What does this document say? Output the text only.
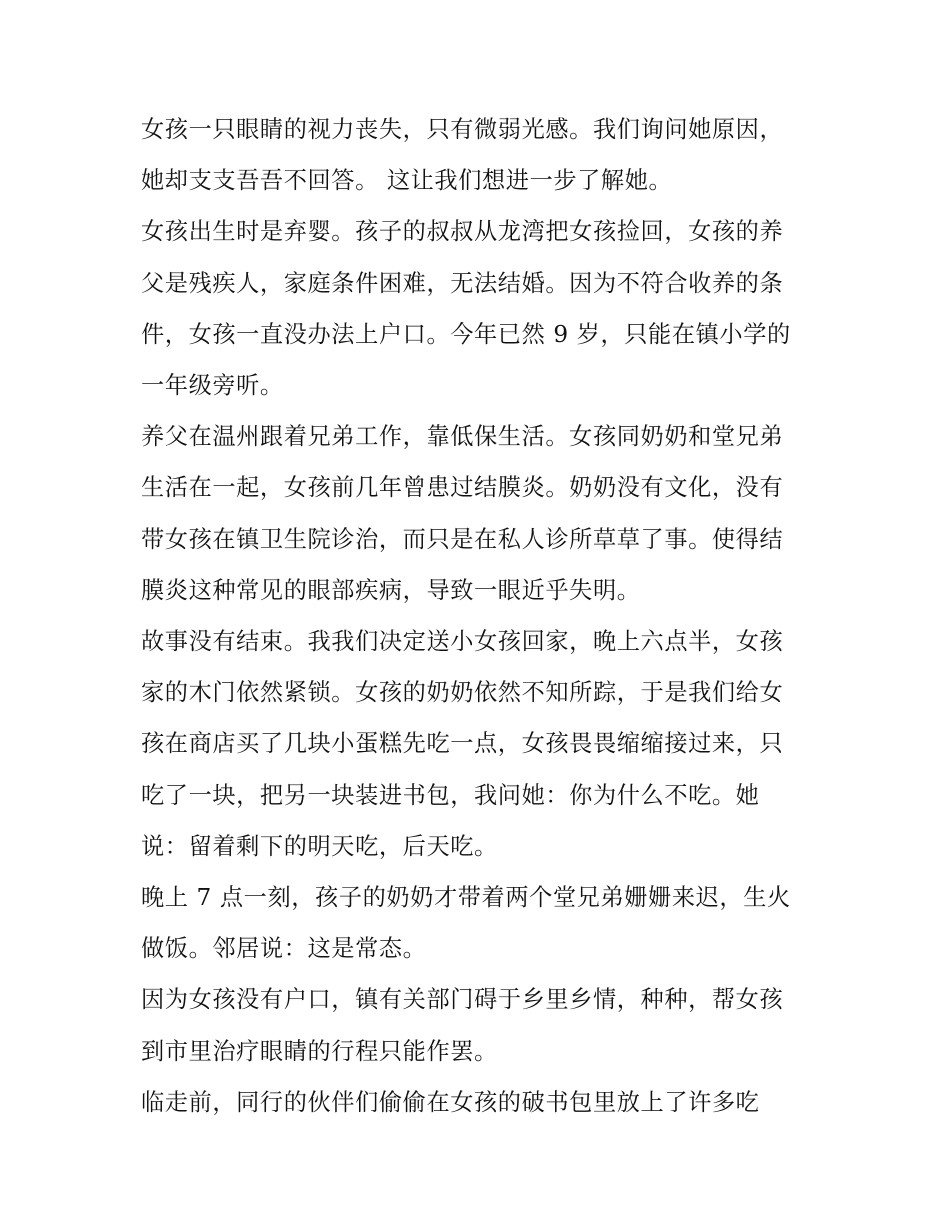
女孩一只眼睛的视力丧失，只有微弱光感。我们询问她原因，
她却支支吾吾不回答。 这让我们想进一步了解她。

女孩出生时是弃婴。孩子的叔叔从龙湾把女孩捡回，女孩的养
父是残疾人，家庭条件困难，无法结婚。因为不符合收养的条
件，女孩一直没办法上户口。今年已然 9 岁，只能在镇小学的
一年级旁听。

养父在温州跟着兄弟工作，靠低保生活。女孩同奶奶和堂兄弟
生活在一起，女孩前几年曾患过结膜炎。奶奶没有文化，没有
带女孩在镇卫生院诊治，而只是在私人诊所草草了事。使得结
膜炎这种常见的眼部疾病，导致一眼近乎失明。

故事没有结束。我我们决定送小女孩回家，晚上六点半，女孩
家的木门依然紧锁。女孩的奶奶依然不知所踪，于是我们给女
孩在商店买了几块小蛋糕先吃一点，女孩畏畏缩缩接过来，只
吃了一块，把另一块装进书包，我问她：你为什么不吃。她
说：留着剩下的明天吃，后天吃。

晚上 7 点一刻，孩子的奶奶才带着两个堂兄弟姗姗来迟，生火
做饭。邻居说：这是常态。

因为女孩没有户口，镇有关部门碍于乡里乡情，种种，帮女孩
到市里治疗眼睛的行程只能作罢。

临走前，同行的伙伴们偷偷在女孩的破书包里放上了许多吃
